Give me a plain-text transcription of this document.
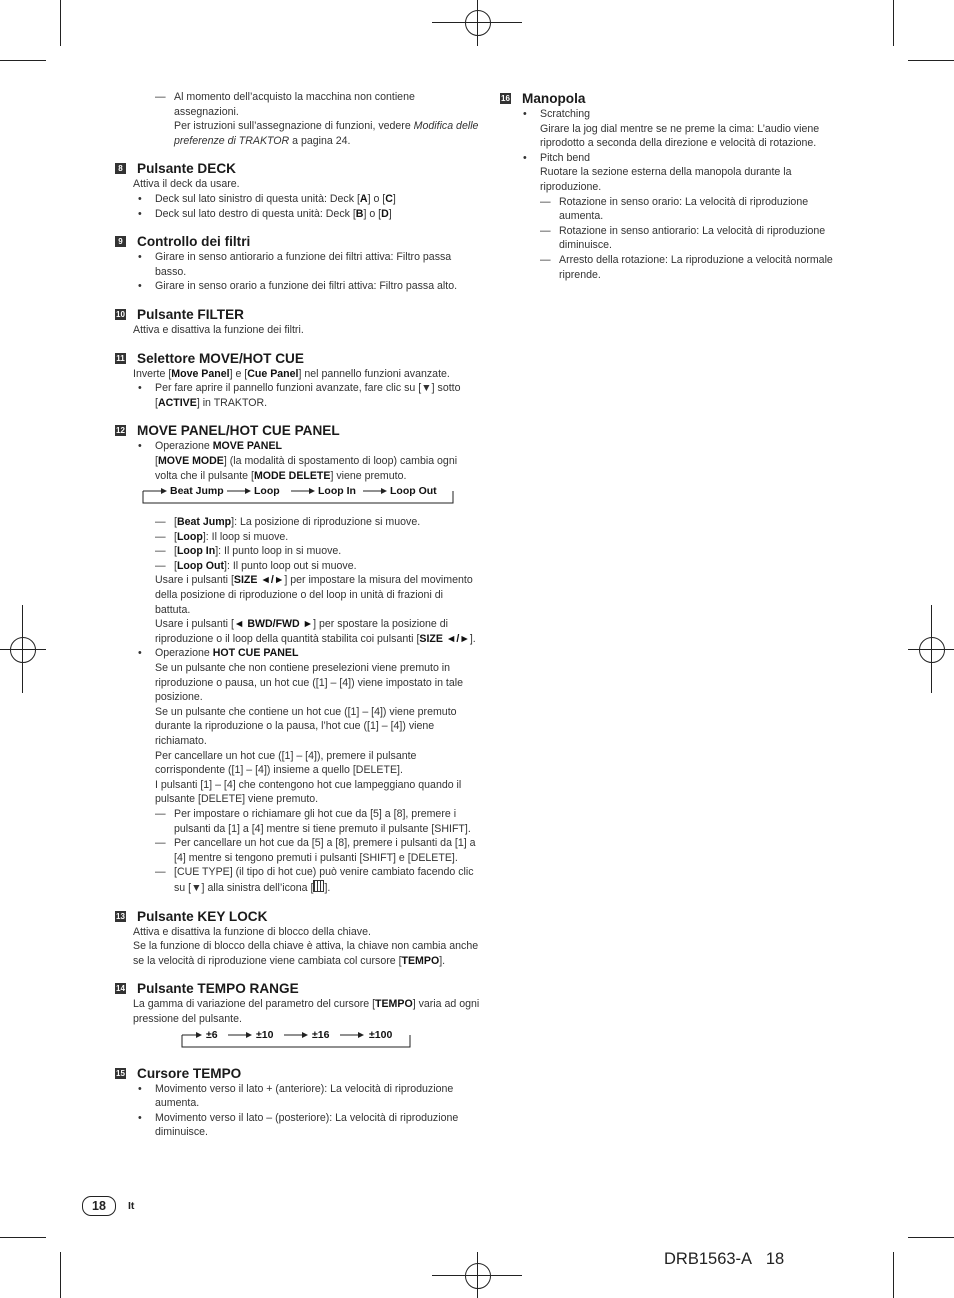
— Al momento dell’acquisto la macchina non contiene assegnazioni.
Per istruzioni sull’assegnazione di funzioni, vedere Modifica delle preferenze di TRAKTOR a pagina 24.
8 Pulsante DECK
Attiva il deck da usare.
• Deck sul lato sinistro di questa unità: Deck [A] o [C]
• Deck sul lato destro di questa unità: Deck [B] o [D]
9 Controllo dei filtri
• Girare in senso antiorario a funzione dei filtri attiva: Filtro passa basso.
• Girare in senso orario a funzione dei filtri attiva: Filtro passa alto.
10 Pulsante FILTER
Attiva e disattiva la funzione dei filtri.
11 Selettore MOVE/HOT CUE
Inverte [Move Panel] e [Cue Panel] nel pannello funzioni avanzate.
• Per fare aprire il pannello funzioni avanzate, fare clic su [▼] sotto [ACTIVE] in TRAKTOR.
12 MOVE PANEL/HOT CUE PANEL
• Operazione MOVE PANEL
[MOVE MODE] (la modalità di spostamento di loop) cambia ogni volta che il pulsante [MODE DELETE] viene premuto.
Beat Jump	Loop	Loop In	Loop Out
— [Beat Jump]: La posizione di riproduzione si muove.
— [Loop]: Il loop si muove.
— [Loop In]: Il punto loop in si muove.
— [Loop Out]: Il punto loop out si muove.
Usare i pulsanti [SIZE ◄/►] per impostare la misura del movimento della posizione di riproduzione o del loop in unità di frazioni di battuta.
Usare i pulsanti [◄ BWD/FWD ►] per spostare la posizione di riproduzione o il loop della quantità stabilita coi pulsanti [SIZE ◄/►].
• Operazione HOT CUE PANEL
Se un pulsante che non contiene preselezioni viene premuto in riproduzione o pausa, un hot cue ([1] – [4]) viene impostato in tale posizione.
Se un pulsante che contiene un hot cue ([1] – [4]) viene premuto durante la riproduzione o la pausa, l’hot cue ([1] – [4]) viene richiamato.
Per cancellare un hot cue ([1] – [4]), premere il pulsante corrispondente ([1] – [4]) insieme a quello [DELETE].
I pulsanti [1] – [4] che contengono hot cue lampeggiano quando il pulsante [DELETE] viene premuto.
— Per impostare o richiamare gli hot cue da [5] a [8], premere i pulsanti da [1] a [4] mentre si tiene premuto il pulsante [SHIFT].
— Per cancellare un hot cue da [5] a [8], premere i pulsanti da [1] a [4] mentre si tengono premuti i pulsanti [SHIFT] e [DELETE].
— [CUE TYPE] (il tipo di hot cue) può venire cambiato facendo clic su [▼] alla sinistra dell’icona [ ].
13 Pulsante KEY LOCK
Attiva e disattiva la funzione di blocco della chiave.
Se la funzione di blocco della chiave è attiva, la chiave non cambia anche se la velocità di riproduzione viene cambiata col cursore [TEMPO].
14 Pulsante TEMPO RANGE
La gamma di variazione del parametro del cursore [TEMPO] varia ad ogni pressione del pulsante.
±6	±10	±16	±100
15 Cursore TEMPO
• Movimento verso il lato + (anteriore): La velocità di riproduzione aumenta.
• Movimento verso il lato – (posteriore): La velocità di riproduzione diminuisce.
16 Manopola
• Scratching
Girare la jog dial mentre se ne preme la cima: L’audio viene riprodotto a seconda della direzione e velocità di rotazione.
• Pitch bend
Ruotare la sezione esterna della manopola durante la riproduzione.
— Rotazione in senso orario: La velocità di riproduzione aumenta.
— Rotazione in senso antiorario: La velocità di riproduzione diminuisce.
— Arresto della rotazione: La riproduzione a velocità normale riprende.
18	It
DRB1563-A 18
